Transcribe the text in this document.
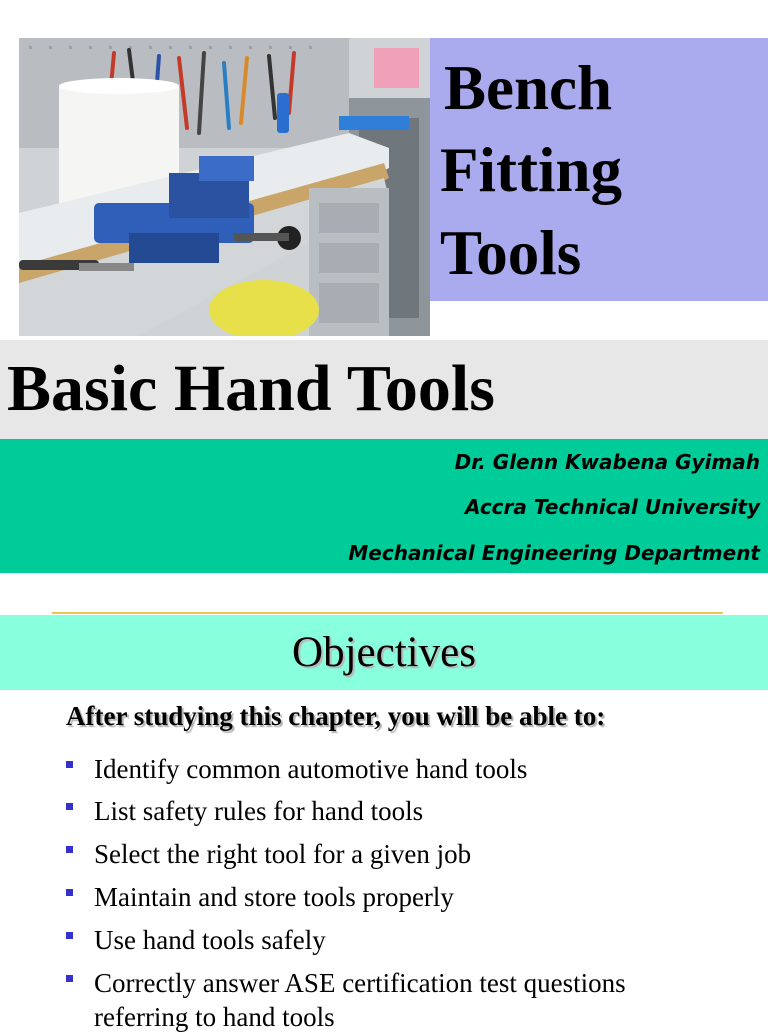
Bench
Fitting
Tools
Basic Hand Tools
Dr. Glenn Kwabena Gyimah
Accra Technical University
Mechanical Engineering Department
Objectives
After studying this chapter, you will be able to:
Identify common automotive hand tools
List safety rules for hand tools
Select the right tool for a given job
Maintain and store tools properly
Use hand tools safely
Correctly answer ASE certification test questions
referring to hand tools
